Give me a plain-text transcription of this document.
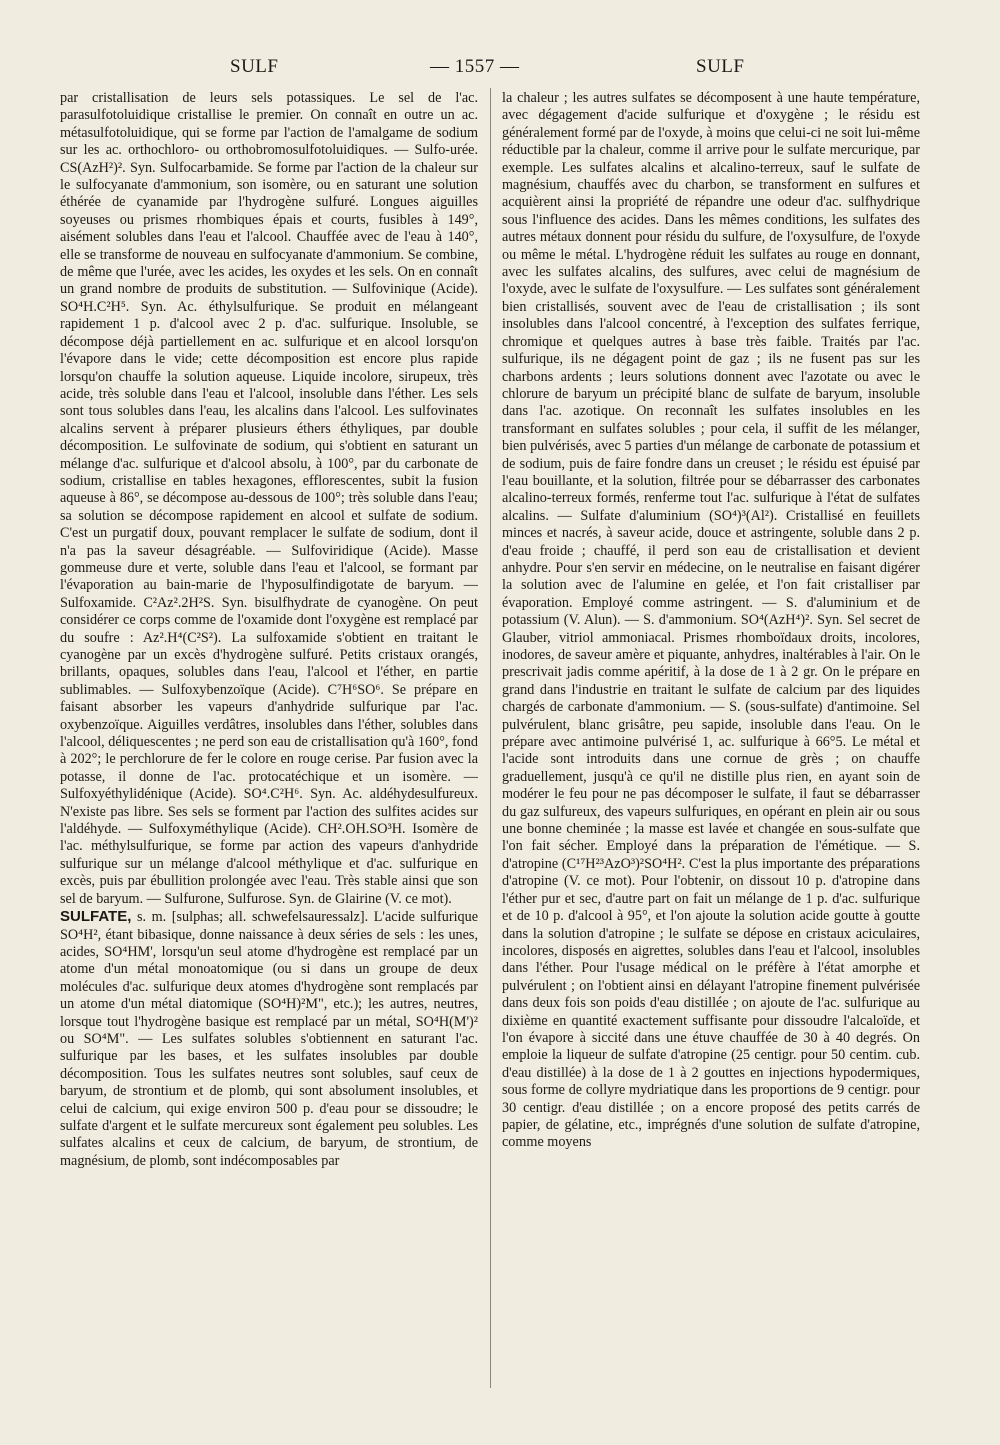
SULF	— 1557 —	SULF

par cristallisation de leurs sels potassiques. Le sel de l'ac. parasulfotoluidique cristallise le premier. On connaît en outre un ac. métasulfotoluidique, qui se forme par l'action de l'amalgame de sodium sur les ac. orthochloro- ou orthobromosulfotoluidiques. — Sulfo-urée. CS(AzH²)². Syn. Sulfocarbamide. Se forme par l'action de la chaleur sur le sulfocyanate d'ammonium, son isomère, ou en saturant une solution éthérée de cyanamide par l'hydrogène sulfuré. Longues aiguilles soyeuses ou prismes rhombiques épais et courts, fusibles à 149°, aisément solubles dans l'eau et l'alcool. Chauffée avec de l'eau à 140°, elle se transforme de nouveau en sulfocyanate d'ammonium. Se combine, de même que l'urée, avec les acides, les oxydes et les sels. On en connaît un grand nombre de produits de substitution. — Sulfovinique (Acide). SO⁴H.C²H⁵. Syn. Ac. éthylsulfurique. Se produit en mélangeant rapidement 1 p. d'alcool avec 2 p. d'ac. sulfurique. Insoluble, se décompose déjà partiellement en ac. sulfurique et en alcool lorsqu'on l'évapore dans le vide; cette décomposition est encore plus rapide lorsqu'on chauffe la solution aqueuse. Liquide incolore, sirupeux, très acide, très soluble dans l'eau et l'alcool, insoluble dans l'éther. Les sels sont tous solubles dans l'eau, les alcalins dans l'alcool. Les sulfovinates alcalins servent à préparer plusieurs éthers éthyliques, par double décomposition. Le sulfovinate de sodium, qui s'obtient en saturant un mélange d'ac. sulfurique et d'alcool absolu, à 100°, par du carbonate de sodium, cristallise en tables hexagones, efflorescentes, subit la fusion aqueuse à 86°, se décompose au-dessous de 100°; très soluble dans l'eau; sa solution se décompose rapidement en alcool et sulfate de sodium. C'est un purgatif doux, pouvant remplacer le sulfate de sodium, dont il n'a pas la saveur désagréable. — Sulfoviridique (Acide). Masse gommeuse dure et verte, soluble dans l'eau et l'alcool, se formant par l'évaporation au bain-marie de l'hyposulfindigotate de baryum. — Sulfoxamide. C²Az².2H²S. Syn. bisulfhydrate de cyanogène. On peut considérer ce corps comme de l'oxamide dont l'oxygène est remplacé par du soufre : Az².H⁴(C²S²). La sulfoxamide s'obtient en traitant le cyanogène par un excès d'hydrogène sulfuré. Petits cristaux orangés, brillants, opaques, solubles dans l'eau, l'alcool et l'éther, en partie sublimables. — Sulfoxybenzoïque (Acide). C⁷H⁶SO⁶. Se prépare en faisant absorber les vapeurs d'anhydride sulfurique par l'ac. oxybenzoïque. Aiguilles verdâtres, insolubles dans l'éther, solubles dans l'alcool, déliquescentes ; ne perd son eau de cristallisation qu'à 160°, fond à 202°; le perchlorure de fer le colore en rouge cerise. Par fusion avec la potasse, il donne de l'ac. protocatéchique et un isomère. — Sulfoxyéthylidénique (Acide). SO⁴.C²H⁶. Syn. Ac. aldéhydesulfureux. N'existe pas libre. Ses sels se forment par l'action des sulfites acides sur l'aldéhyde. — Sulfoxyméthylique (Acide). CH².OH.SO³H. Isomère de l'ac. méthylsulfurique, se forme par action des vapeurs d'anhydride sulfurique sur un mélange d'alcool méthylique et d'ac. sulfurique en excès, puis par ébullition prolongée avec l'eau. Très stable ainsi que son sel de baryum. — Sulfurone, Sulfurose. Syn. de Glairine (V. ce mot).

SULFATE, s. m. [sulphas; all. schwefelsauressalz]. L'acide sulfurique SO⁴H², étant bibasique, donne naissance à deux séries de sels : les unes, acides, SO⁴HM', lorsqu'un seul atome d'hydrogène est remplacé par un atome d'un métal monoatomique (ou si dans un groupe de deux molécules d'ac. sulfurique deux atomes d'hydrogène sont remplacés par un atome d'un métal diatomique (SO⁴H)²M", etc.); les autres, neutres, lorsque tout l'hydrogène basique est remplacé par un métal, SO⁴H(M')² ou SO⁴M". — Les sulfates solubles s'obtiennent en saturant l'ac. sulfurique par les bases, et les sulfates insolubles par double décomposition. Tous les sulfates neutres sont solubles, sauf ceux de baryum, de strontium et de plomb, qui sont absolument insolubles, et celui de calcium, qui exige environ 500 p. d'eau pour se dissoudre; le sulfate d'argent et le sulfate mercureux sont également peu solubles. Les sulfates alcalins et ceux de calcium, de baryum, de strontium, de magnésium, de plomb, sont indécomposables par

la chaleur ; les autres sulfates se décomposent à une haute température, avec dégagement d'acide sulfurique et d'oxygène ; le résidu est généralement formé par de l'oxyde, à moins que celui-ci ne soit lui-même réductible par la chaleur, comme il arrive pour le sulfate mercurique, par exemple. Les sulfates alcalins et alcalino-terreux, sauf le sulfate de magnésium, chauffés avec du charbon, se transforment en sulfures et acquièrent ainsi la propriété de répandre une odeur d'ac. sulfhydrique sous l'influence des acides. Dans les mêmes conditions, les sulfates des autres métaux donnent pour résidu du sulfure, de l'oxysulfure, de l'oxyde ou même le métal. L'hydrogène réduit les sulfates au rouge en donnant, avec les sulfates alcalins, des sulfures, avec celui de magnésium de l'oxyde, avec le sulfate de l'oxysulfure. — Les sulfates sont généralement bien cristallisés, souvent avec de l'eau de cristallisation ; ils sont insolubles dans l'alcool concentré, à l'exception des sulfates ferrique, chromique et quelques autres à base très faible. Traités par l'ac. sulfurique, ils ne dégagent point de gaz ; ils ne fusent pas sur les charbons ardents ; leurs solutions donnent avec l'azotate ou avec le chlorure de baryum un précipité blanc de sulfate de baryum, insoluble dans l'ac. azotique. On reconnaît les sulfates insolubles en les transformant en sulfates solubles ; pour cela, il suffit de les mélanger, bien pulvérisés, avec 5 parties d'un mélange de carbonate de potassium et de sodium, puis de faire fondre dans un creuset ; le résidu est épuisé par l'eau bouillante, et la solution, filtrée pour se débarrasser des carbonates alcalino-terreux formés, renferme tout l'ac. sulfurique à l'état de sulfates alcalins. — Sulfate d'aluminium (SO⁴)³(Al²). Cristallisé en feuillets minces et nacrés, à saveur acide, douce et astringente, soluble dans 2 p. d'eau froide ; chauffé, il perd son eau de cristallisation et devient anhydre. Pour s'en servir en médecine, on le neutralise en faisant digérer la solution avec de l'alumine en gelée, et l'on fait cristalliser par évaporation. Employé comme astringent. — S. d'aluminium et de potassium (V. Alun). — S. d'ammonium. SO⁴(AzH⁴)². Syn. Sel secret de Glauber, vitriol ammoniacal. Prismes rhomboïdaux droits, incolores, inodores, de saveur amère et piquante, anhydres, inaltérables à l'air. On le prescrivait jadis comme apéritif, à la dose de 1 à 2 gr. On le prépare en grand dans l'industrie en traitant le sulfate de calcium par des liquides chargés de carbonate d'ammonium. — S. (sous-sulfate) d'antimoine. Sel pulvérulent, blanc grisâtre, peu sapide, insoluble dans l'eau. On le prépare avec antimoine pulvérisé 1, ac. sulfurique à 66°5. Le métal et l'acide sont introduits dans une cornue de grès ; on chauffe graduellement, jusqu'à ce qu'il ne distille plus rien, en ayant soin de modérer le feu pour ne pas décomposer le sulfate, il faut se débarrasser du gaz sulfureux, des vapeurs sulfuriques, en opérant en plein air ou sous une bonne cheminée ; la masse est lavée et changée en sous-sulfate que l'on fait sécher. Employé dans la préparation de l'émétique. — S. d'atropine (C¹⁷H²³AzO³)²SO⁴H². C'est la plus importante des préparations d'atropine (V. ce mot). Pour l'obtenir, on dissout 10 p. d'atropine dans l'éther pur et sec, d'autre part on fait un mélange de 1 p. d'ac. sulfurique et de 10 p. d'alcool à 95°, et l'on ajoute la solution acide goutte à goutte dans la solution d'atropine ; le sulfate se dépose en cristaux aciculaires, incolores, disposés en aigrettes, solubles dans l'eau et l'alcool, insolubles dans l'éther. Pour l'usage médical on le préfère à l'état amorphe et pulvérulent ; on l'obtient ainsi en délayant l'atropine finement pulvérisée dans deux fois son poids d'eau distillée ; on ajoute de l'ac. sulfurique au dixième en quantité exactement suffisante pour dissoudre l'alcaloïde, et l'on évapore à siccité dans une étuve chauffée de 30 à 40 degrés. On emploie la liqueur de sulfate d'atropine (25 centigr. pour 50 centim. cub. d'eau distillée) à la dose de 1 à 2 gouttes en injections hypodermiques, sous forme de collyre mydriatique dans les proportions de 9 centigr. pour 30 centigr. d'eau distillée ; on a encore proposé des petits carrés de papier, de gélatine, etc., imprégnés d'une solution de sulfate d'atropine, comme moyens
